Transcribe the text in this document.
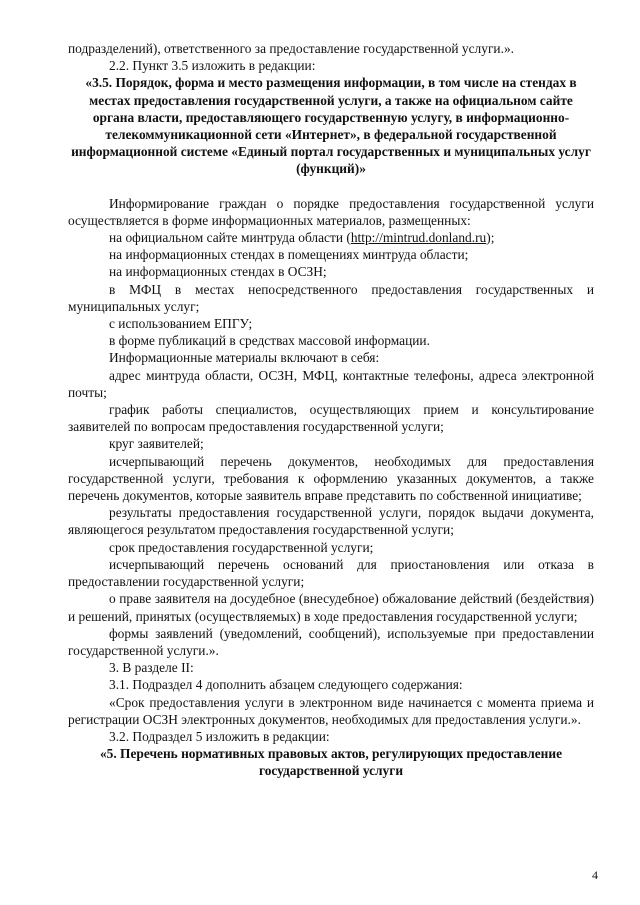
подразделений), ответственного за предоставление государственной услуги.».

2.2. Пункт 3.5 изложить в редакции:

«3.5. Порядок, форма и место размещения информации, в том числе на стендах в местах предоставления государственной услуги, а также на официальном сайте органа власти, предоставляющего государственную услугу, в информационно-телекоммуникационной сети «Интернет», в федеральной государственной информационной системе «Единый портал государственных и муниципальных услуг (функций)»

Информирование граждан о порядке предоставления государственной услуги осуществляется в форме информационных материалов, размещенных:

на официальном сайте минтруда области (http://mintrud.donland.ru);

на информационных стендах в помещениях минтруда области;

на информационных стендах в ОСЗН;

в МФЦ в местах непосредственного предоставления государственных и муниципальных услуг;

с использованием ЕПГУ;

в форме публикаций в средствах массовой информации.

Информационные материалы включают в себя:

адрес минтруда области, ОСЗН, МФЦ, контактные телефоны, адреса электронной почты;

график работы специалистов, осуществляющих прием и консультирование заявителей по вопросам предоставления государственной услуги;

круг заявителей;

исчерпывающий перечень документов, необходимых для предоставления государственной услуги, требования к оформлению указанных документов, а также перечень документов, которые заявитель вправе представить по собственной инициативе;

результаты предоставления государственной услуги, порядок выдачи документа, являющегося результатом предоставления государственной услуги;

срок предоставления государственной услуги;

исчерпывающий перечень оснований для приостановления или отказа в предоставлении государственной услуги;

о праве заявителя на досудебное (внесудебное) обжалование действий (бездействия) и решений, принятых (осуществляемых) в ходе предоставления государственной услуги;

формы заявлений (уведомлений, сообщений), используемые при предоставлении государственной услуги.».

3. В разделе II:

3.1. Подраздел 4 дополнить абзацем следующего содержания:

«Срок предоставления услуги в электронном виде начинается с момента приема и регистрации ОСЗН электронных документов, необходимых для предоставления услуги.».

3.2. Подраздел 5 изложить в редакции:

«5. Перечень нормативных правовых актов, регулирующих предоставление государственной услуги

4
